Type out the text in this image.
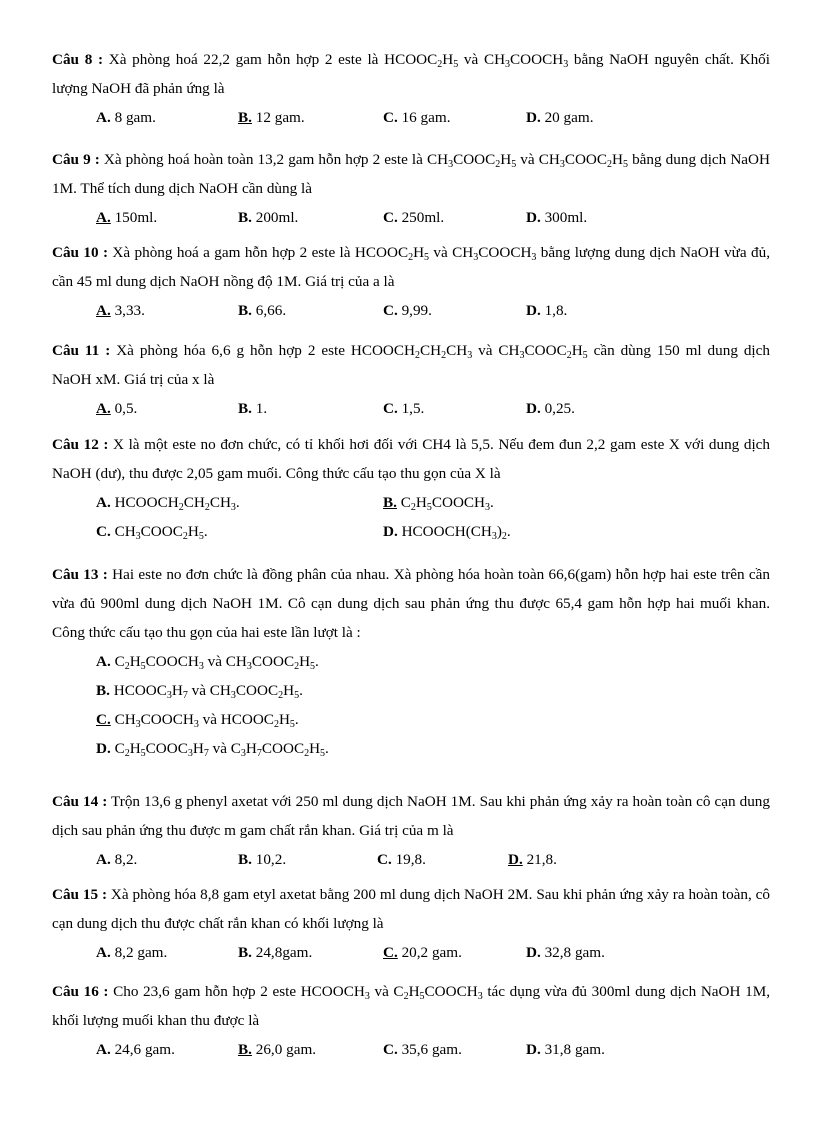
Câu 8 : Xà phòng hoá 22,2 gam hỗn hợp 2 este là $HCOOC_2H_5$ và $CH_3COOCH_3$ bằng NaOH nguyên chất. Khối lượng NaOH đã phản ứng là

A. 8 gam.	B. 12 gam.	C. 16 gam.	D. 20 gam.

Câu 9 : Xà phòng hoá hoàn toàn 13,2 gam hỗn hợp 2 este là $CH_3COOC_2H_5$ và $CH_3COOC_2H_5$ bằng dung dịch NaOH 1M. Thể tích dung dịch NaOH cần dùng là

A. 150ml.	B. 200ml.	C. 250ml.	D. 300ml.

Câu 10 : Xà phòng hoá a gam hỗn hợp 2 este là $HCOOC_2H_5$ và $CH_3COOCH_3$ bằng lượng dung dịch NaOH vừa đủ, cần 45 ml dung dịch NaOH nồng độ 1M. Giá trị của a là

A. 3,33.	B. 6,66.	C. 9,99.	D. 1,8.

Câu 11 : Xà phòng hóa 6,6 g hỗn hợp 2 este $HCOOCH_2CH_2CH_3$ và $CH_3COOC_2H_5$ cần dùng 150 ml dung dịch NaOH xM. Giá trị của x là

A. 0,5.	B. 1.	C. 1,5.	D. 0,25.

Câu 12 : X là một este no đơn chức, có tỉ khối hơi đối với CH4 là 5,5. Nếu đem đun 2,2 gam este X với dung dịch NaOH (dư), thu được 2,05 gam muối. Công thức cấu tạo thu gọn của X là

A. $HCOOCH_2CH_2CH_3$.	B. $C_2H_5COOCH_3$.
C. $CH_3COOC_2H_5$.	D. $HCOOCH(CH_3)_2$.

Câu 13 : Hai este no đơn chức là đồng phân của nhau. Xà phòng hóa hoàn toàn 66,6(gam) hỗn hợp hai este trên cần vừa đủ 900ml dung dịch NaOH 1M. Cô cạn dung dịch sau phản ứng thu được 65,4 gam hỗn hợp hai muối khan. Công thức cấu tạo thu gọn của hai este lần lượt là :

A. $C_2H_5COOCH_3$ và $CH_3COOC_2H_5$.
B. $HCOOC_3H_7$ và $CH_3COOC_2H_5$.
C. $CH_3COOCH_3$ và $HCOOC_2H_5$.
D. $C_2H_5COOC_3H_7$ và $C_3H_7COOC_2H_5$.

Câu 14 : Trộn 13,6 g phenyl axetat với 250 ml dung dịch NaOH 1M. Sau khi phản ứng xảy ra hoàn toàn cô cạn dung dịch sau phản ứng thu được m gam chất rắn khan. Giá trị của m là

A. 8,2.	B. 10,2.	C. 19,8.	D. 21,8.

Câu 15 : Xà phòng hóa 8,8 gam etyl axetat bằng 200 ml dung dịch NaOH 2M. Sau khi phản ứng xảy ra hoàn toàn, cô cạn dung dịch thu được chất rắn khan có khối lượng là

A. 8,2 gam.	B. 24,8gam.	C. 20,2 gam.	D. 32,8 gam.

Câu 16 : Cho 23,6 gam hỗn hợp 2 este $HCOOCH_3$ và $C_2H_5COOCH_3$ tác dụng vừa đủ 300ml dung dịch NaOH 1M, khối lượng muối khan thu được là

A. 24,6 gam.	B. 26,0 gam.	C. 35,6 gam.	D. 31,8 gam.
